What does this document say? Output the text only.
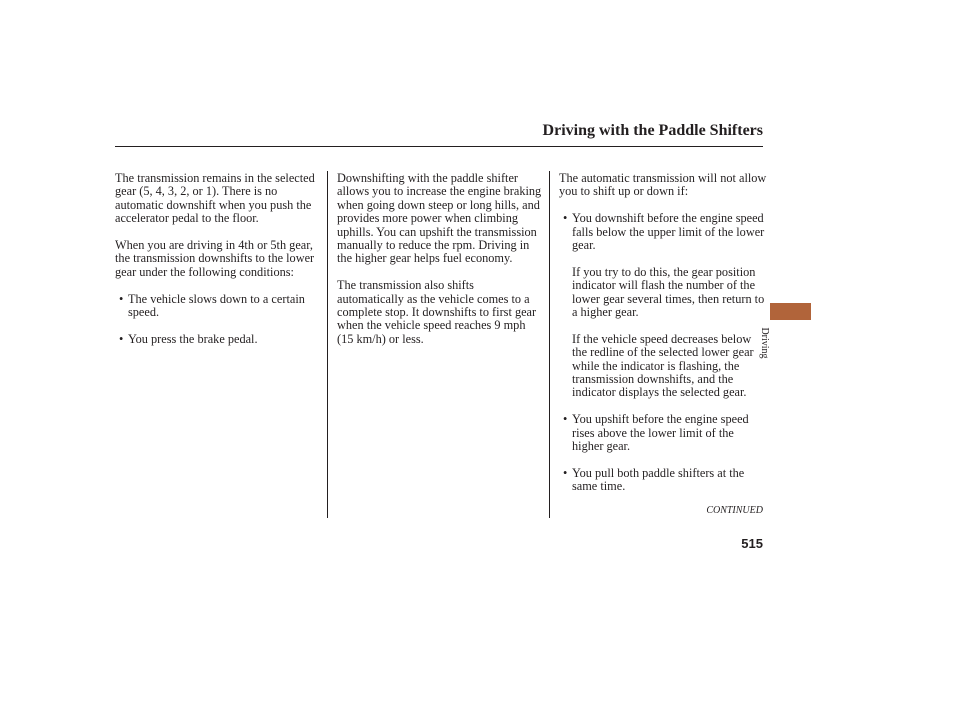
Driving with the Paddle Shifters

The transmission remains in the selected gear (5, 4, 3, 2, or 1). There is no automatic downshift when you push the accelerator pedal to the floor.

When you are driving in 4th or 5th gear, the transmission downshifts to the lower gear under the following conditions:

• The vehicle slows down to a certain speed.

• You press the brake pedal.

Downshifting with the paddle shifter allows you to increase the engine braking when going down steep or long hills, and provides more power when climbing uphills. You can upshift the transmission manually to reduce the rpm. Driving in the higher gear helps fuel economy.

The transmission also shifts automatically as the vehicle comes to a complete stop. It downshifts to first gear when the vehicle speed reaches 9 mph (15 km/h) or less.

The automatic transmission will not allow you to shift up or down if:

• You downshift before the engine speed falls below the upper limit of the lower gear.

If you try to do this, the gear position indicator will flash the number of the lower gear several times, then return to a higher gear.

If the vehicle speed decreases below the redline of the selected lower gear while the indicator is flashing, the transmission downshifts, and the indicator displays the selected gear.

• You upshift before the engine speed rises above the lower limit of the higher gear.

• You pull both paddle shifters at the same time.

CONTINUED
515
Driving
